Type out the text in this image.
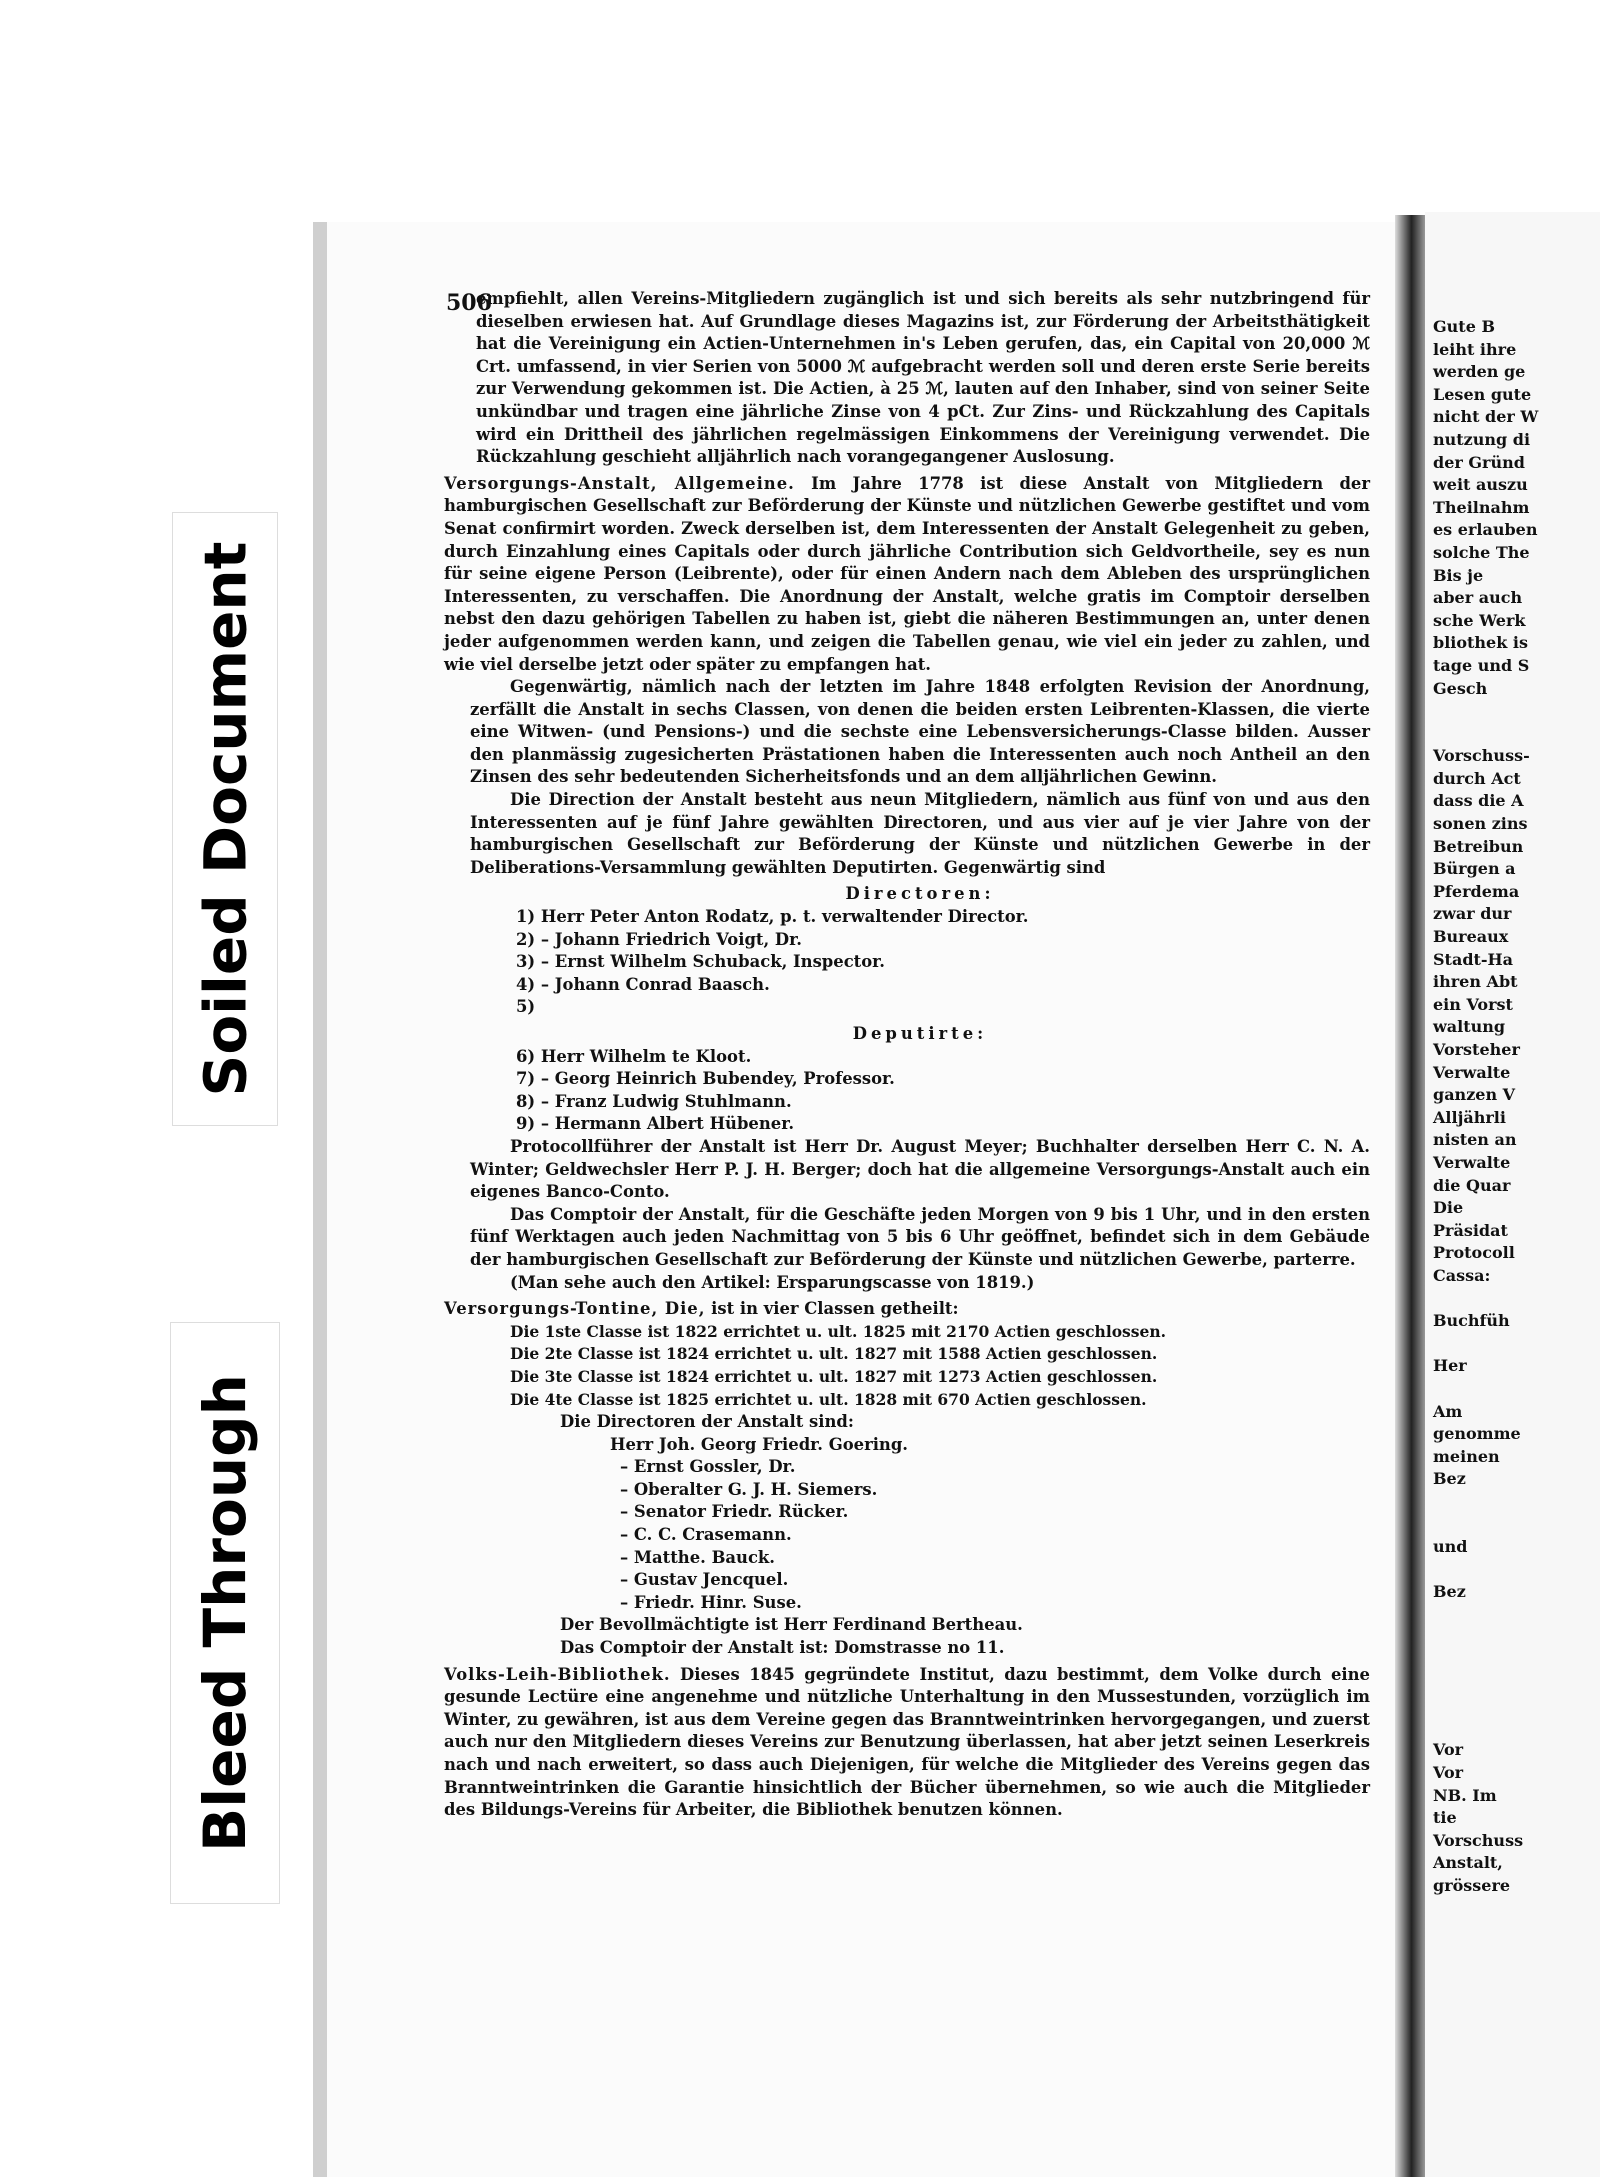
Soiled Document
Bleed Through

Gute B

leiht ihre

werden ge

Lesen gute

nicht der W

nutzung di

der Gründ

weit auszu

Theilnahm

es erlauben

solche The

Bis je

aber auch

sche Werk

bliothek is

tage und S

Gesch

Vorschuss-

durch Act

dass die A

sonen zins

Betreibun

Bürgen a

Pferdema

zwar dur

Bureaux

Stadt-Ha

ihren Abt

ein Vorst

waltung

Vorsteher

Verwalte

ganzen V

Alljährli

nisten an

Verwalte

die Quar

Die

Präsidat

Protocoll

Cassa:

Buchfüh

Her

Am

genomme

meinen

Bez

und

Bez

Vor

Vor

NB. Im

tie

Vorschuss

Anstalt,

grössere

506

empfiehlt, allen Vereins-Mitgliedern zugänglich ist und sich bereits als sehr nutzbringend für dieselben erwiesen hat. Auf Grundlage dieses Magazins ist, zur Förderung der Arbeitsthätigkeit hat die Vereinigung ein Actien-Unternehmen in's Leben gerufen, das, ein Capital von 20,000 ℳ Crt. umfassend, in vier Serien von 5000 ℳ aufgebracht werden soll und deren erste Serie bereits zur Verwendung gekommen ist. Die Actien, à 25 ℳ, lauten auf den Inhaber, sind von seiner Seite unkündbar und tragen eine jährliche Zinse von 4 pCt. Zur Zins- und Rückzahlung des Capitals wird ein Drittheil des jährlichen regelmässigen Einkommens der Vereinigung verwendet. Die Rückzahlung geschieht alljährlich nach vorangegangener Auslosung.

Versorgungs-Anstalt, Allgemeine. Im Jahre 1778 ist diese Anstalt von Mitgliedern der hamburgischen Gesellschaft zur Beförderung der Künste und nützlichen Gewerbe gestiftet und vom Senat confirmirt worden. Zweck derselben ist, dem Interessenten der Anstalt Gelegenheit zu geben, durch Einzahlung eines Capitals oder durch jährliche Contribution sich Geldvortheile, sey es nun für seine eigene Person (Leibrente), oder für einen Andern nach dem Ableben des ursprünglichen Interessenten, zu verschaffen. Die Anordnung der Anstalt, welche gratis im Comptoir derselben nebst den dazu gehörigen Tabellen zu haben ist, giebt die näheren Bestimmungen an, unter denen jeder aufgenommen werden kann, und zeigen die Tabellen genau, wie viel ein jeder zu zahlen, und wie viel derselbe jetzt oder später zu empfangen hat.

Gegenwärtig, nämlich nach der letzten im Jahre 1848 erfolgten Revision der Anordnung, zerfällt die Anstalt in sechs Classen, von denen die beiden ersten Leibrenten-Klassen, die vierte eine Witwen- (und Pensions-) und die sechste eine Lebensversicherungs-Classe bilden. Ausser den planmässig zugesicherten Prästationen haben die Interessenten auch noch Antheil an den Zinsen des sehr bedeutenden Sicherheitsfonds und an dem alljährlichen Gewinn.

Die Direction der Anstalt besteht aus neun Mitgliedern, nämlich aus fünf von und aus den Interessenten auf je fünf Jahre gewählten Directoren, und aus vier auf je vier Jahre von der hamburgischen Gesellschaft zur Beförderung der Künste und nützlichen Gewerbe in der Deliberations-Versammlung gewählten Deputirten. Gegenwärtig sind

Directoren:

1) Herr Peter Anton Rodatz, p. t. verwaltender Director.

2) – Johann Friedrich Voigt, Dr.

3) – Ernst Wilhelm Schuback, Inspector.

4) – Johann Conrad Baasch.

5)

Deputirte:

6) Herr Wilhelm te Kloot.

7) – Georg Heinrich Bubendey, Professor.

8) – Franz Ludwig Stuhlmann.

9) – Hermann Albert Hübener.

Protocollführer der Anstalt ist Herr Dr. August Meyer; Buchhalter derselben Herr C. N. A. Winter; Geldwechsler Herr P. J. H. Berger; doch hat die allgemeine Versorgungs-Anstalt auch ein eigenes Banco-Conto.

Das Comptoir der Anstalt, für die Geschäfte jeden Morgen von 9 bis 1 Uhr, und in den ersten fünf Werktagen auch jeden Nachmittag von 5 bis 6 Uhr geöffnet, befindet sich in dem Gebäude der hamburgischen Gesellschaft zur Beförderung der Künste und nützlichen Gewerbe, parterre.

(Man sehe auch den Artikel: Ersparungscasse von 1819.)

Versorgungs-Tontine, Die, ist in vier Classen getheilt:

Die 1ste Classe ist 1822 errichtet u. ult. 1825 mit 2170 Actien geschlossen.

Die 2te Classe ist 1824 errichtet u. ult. 1827 mit 1588 Actien geschlossen.

Die 3te Classe ist 1824 errichtet u. ult. 1827 mit 1273 Actien geschlossen.

Die 4te Classe ist 1825 errichtet u. ult. 1828 mit 670 Actien geschlossen.

Die Directoren der Anstalt sind:

Herr Joh. Georg Friedr. Goering.

– Ernst Gossler, Dr.

– Oberalter G. J. H. Siemers.

– Senator Friedr. Rücker.

– C. C. Crasemann.

– Matthe. Bauck.

– Gustav Jencquel.

– Friedr. Hinr. Suse.

Der Bevollmächtigte ist Herr Ferdinand Bertheau.

Das Comptoir der Anstalt ist: Domstrasse no 11.

Volks-Leih-Bibliothek. Dieses 1845 gegründete Institut, dazu bestimmt, dem Volke durch eine gesunde Lectüre eine angenehme und nützliche Unterhaltung in den Mussestunden, vorzüglich im Winter, zu gewähren, ist aus dem Vereine gegen das Branntweintrinken hervorgegangen, und zuerst auch nur den Mitgliedern dieses Vereins zur Benutzung überlassen, hat aber jetzt seinen Leserkreis nach und nach erweitert, so dass auch Diejenigen, für welche die Mitglieder des Vereins gegen das Branntweintrinken die Garantie hinsichtlich der Bücher übernehmen, so wie auch die Mitglieder des Bildungs-Vereins für Arbeiter, die Bibliothek benutzen können.
